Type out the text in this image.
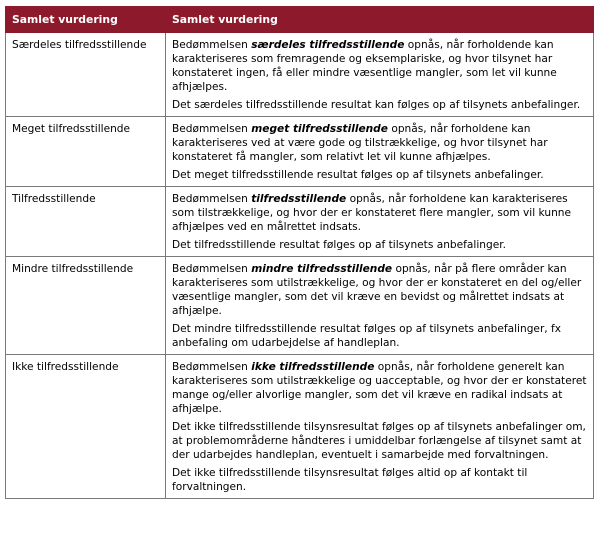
Samlet vurdering	Samlet vurdering
Særdeles tilfredsstillende	Bedømmelsen særdeles tilfredsstillende opnås, når forholdende kan karakteriseres som fremragende og eksemplariske, og hvor tilsynet har konstateret ingen, få eller mindre væsentlige mangler, som let vil kunne afhjælpes.

Det særdeles tilfredsstillende resultat kan følges op af tilsynets anbefalinger.

Meget tilfredsstillende	Bedømmelsen meget tilfredsstillende opnås, når forholdene kan karakteriseres ved at være gode og tilstrækkelige, og hvor tilsynet har konstateret få mangler, som relativt let vil kunne afhjælpes.

Det meget tilfredsstillende resultat følges op af tilsynets anbefalinger.

Tilfredsstillende	Bedømmelsen tilfredsstillende opnås, når forholdene kan karakteriseres som tilstrækkelige, og hvor der er konstateret flere mangler, som vil kunne afhjælpes ved en målrettet indsats.

Det tilfredsstillende resultat følges op af tilsynets anbefalinger.

Mindre tilfredsstillende	Bedømmelsen mindre tilfredsstillende opnås, når på flere områder kan karakteriseres som utilstrækkelige, og hvor der er konstateret en del og/eller væsentlige mangler, som det vil kræve en bevidst og målrettet indsats at afhjælpe.

Det mindre tilfredsstillende resultat følges op af tilsynets anbefalinger, fx anbefaling om udarbejdelse af handleplan.

Ikke tilfredsstillende	Bedømmelsen ikke tilfredsstillende opnås, når forholdene generelt kan karakteriseres som utilstrækkelige og uacceptable, og hvor der er konstateret mange og/eller alvorlige mangler, som det vil kræve en radikal indsats at afhjælpe.

Det ikke tilfredsstillende tilsynsresultat følges op af tilsynets anbefalinger om, at problemområderne håndteres i umiddelbar forlængelse af tilsynet samt at der udarbejdes handleplan, eventuelt i samarbejde med forvaltningen.

Det ikke tilfredsstillende tilsynsresultat følges altid op af kontakt til forvaltningen.
